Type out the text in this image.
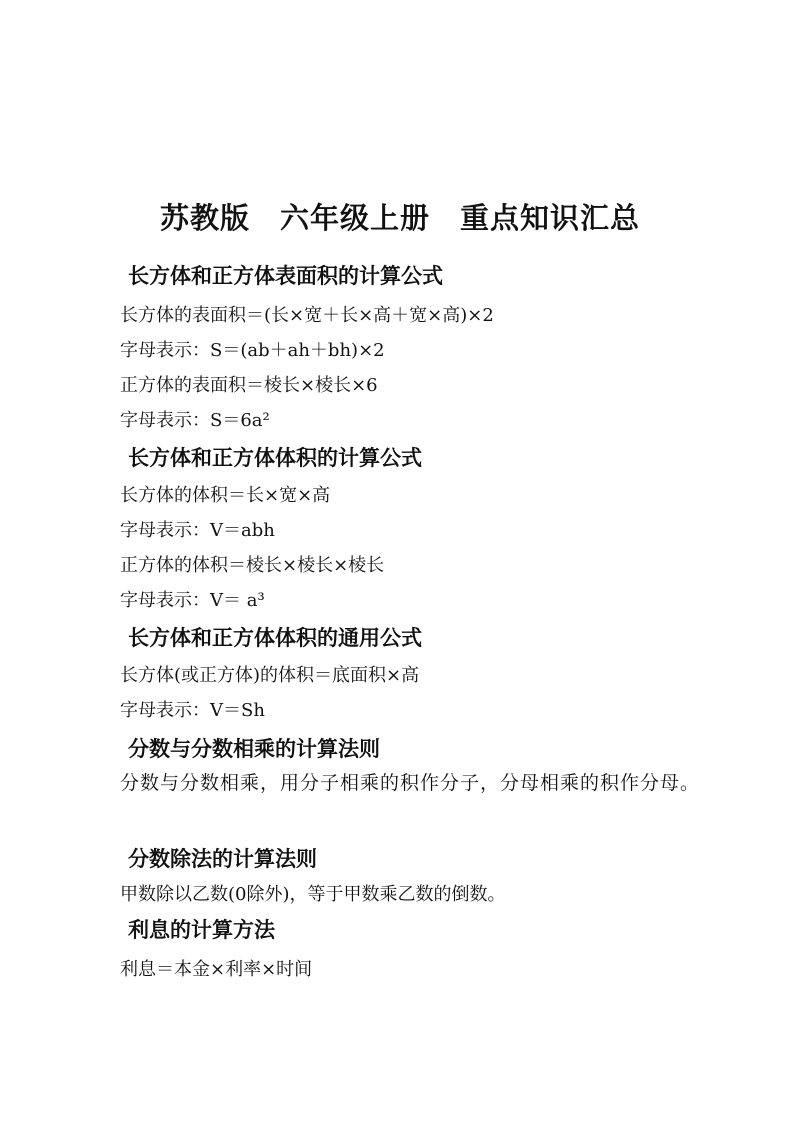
苏教版　六年级上册　重点知识汇总
长方体和正方体表面积的计算公式
长方体的表面积＝(长×宽＋长×高＋宽×高)×2
字母表示：S＝(ab＋ah＋bh)×2
正方体的表面积＝棱长×棱长×6
字母表示：S＝6a²
长方体和正方体体积的计算公式
长方体的体积＝长×宽×高
字母表示：V＝abh
正方体的体积＝棱长×棱长×棱长
字母表示：V＝ a³
长方体和正方体体积的通用公式
长方体(或正方体)的体积＝底面积×高
字母表示：V＝Sh
分数与分数相乘的计算法则
分数与分数相乘，用分子相乘的积作分子，分母相乘的积作分母。
分数除法的计算法则
甲数除以乙数(0除外)，等于甲数乘乙数的倒数。
利息的计算方法
利息＝本金×利率×时间
